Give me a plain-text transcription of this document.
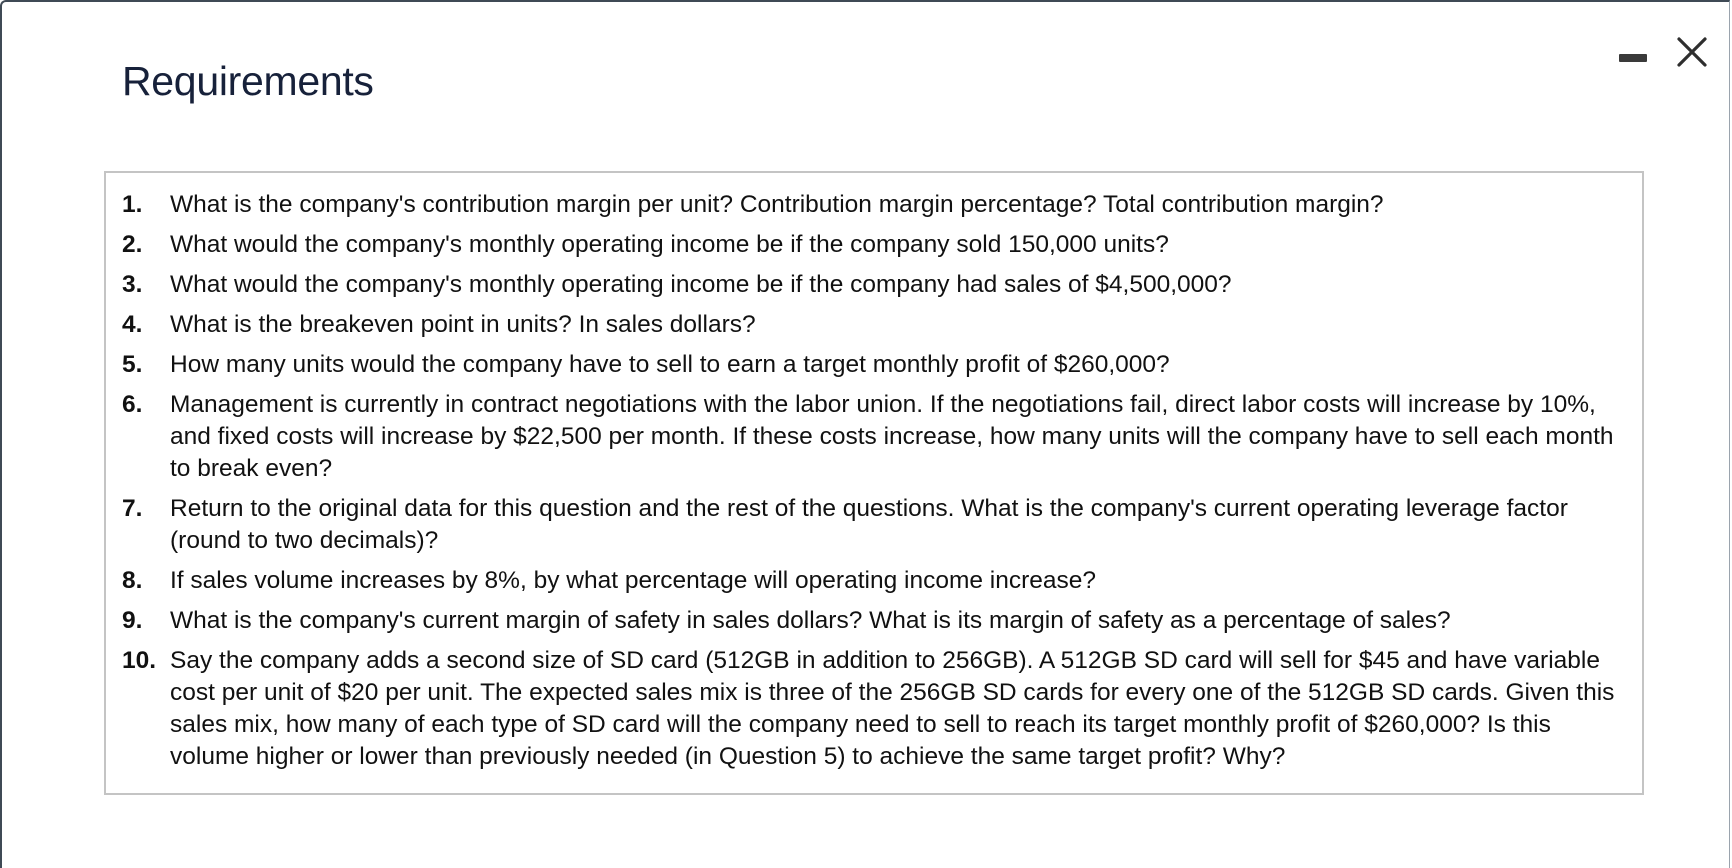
Requirements
1.	What is the company's contribution margin per unit? Contribution margin percentage? Total contribution margin?
2.	What would the company's monthly operating income be if the company sold 150,000 units?
3.	What would the company's monthly operating income be if the company had sales of $4,500,000?
4.	What is the breakeven point in units? In sales dollars?
5.	How many units would the company have to sell to earn a target monthly profit of $260,000?
6.	Management is currently in contract negotiations with the labor union. If the negotiations fail, direct labor costs will increase by 10%, and fixed costs will increase by $22,500 per month. If these costs increase, how many units will the company have to sell each month to break even?
7.	Return to the original data for this question and the rest of the questions. What is the company's current operating leverage factor (round to two decimals)?
8.	If sales volume increases by 8%, by what percentage will operating income increase?
9.	What is the company's current margin of safety in sales dollars? What is its margin of safety as a percentage of sales?
10. Say the company adds a second size of SD card (512GB in addition to 256GB). A 512GB SD card will sell for $45 and have variable cost per unit of $20 per unit. The expected sales mix is three of the 256GB SD cards for every one of the 512GB SD cards. Given this sales mix, how many of each type of SD card will the company need to sell to reach its target monthly profit of $260,000? Is this volume higher or lower than previously needed (in Question 5) to achieve the same target profit? Why?
